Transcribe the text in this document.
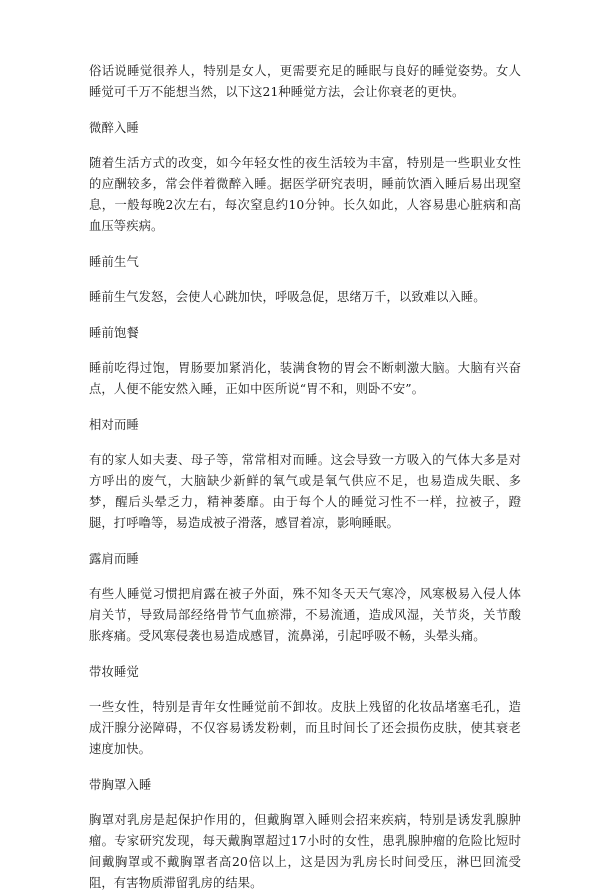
俗话说睡觉很养人，特别是女人，更需要充足的睡眠与良好的睡觉姿势。女人睡觉可千万不能想当然，以下这21种睡觉方法，会让你衰老的更快。

微醉入睡

随着生活方式的改变，如今年轻女性的夜生活较为丰富，特别是一些职业女性的应酬较多，常会伴着微醉入睡。据医学研究表明，睡前饮酒入睡后易出现窒息，一般每晚2次左右，每次窒息约10分钟。长久如此，人容易患心脏病和高血压等疾病。

睡前生气

睡前生气发怒，会使人心跳加快，呼吸急促，思绪万千，以致难以入睡。

睡前饱餐

睡前吃得过饱，胃肠要加紧消化，装满食物的胃会不断刺激大脑。大脑有兴奋点，人便不能安然入睡，正如中医所说“胃不和，则卧不安”。

相对而睡

有的家人如夫妻、母子等，常常相对而睡。这会导致一方吸入的气体大多是对方呼出的废气，大脑缺少新鲜的氧气或是氧气供应不足，也易造成失眠、多梦，醒后头晕乏力，精神萎靡。由于每个人的睡觉习性不一样，拉被子，蹬腿，打呼噜等，易造成被子滑落，感冒着凉，影响睡眠。

露肩而睡

有些人睡觉习惯把肩露在被子外面，殊不知冬天天气寒冷，风寒极易入侵人体肩关节，导致局部经络骨节气血瘀滞，不易流通，造成风湿，关节炎，关节酸胀疼痛。受风寒侵袭也易造成感冒，流鼻涕，引起呼吸不畅，头晕头痛。

带妆睡觉

一些女性，特别是青年女性睡觉前不卸妆。皮肤上残留的化妆品堵塞毛孔，造成汗腺分泌障碍，不仅容易诱发粉刺，而且时间长了还会损伤皮肤，使其衰老速度加快。

带胸罩入睡

胸罩对乳房是起保护作用的，但戴胸罩入睡则会招来疾病，特别是诱发乳腺肿瘤。专家研究发现，每天戴胸罩超过17小时的女性，患乳腺肿瘤的危险比短时间戴胸罩或不戴胸罩者高20倍以上，这是因为乳房长时间受压，淋巴回流受阻，有害物质滞留乳房的结果。
